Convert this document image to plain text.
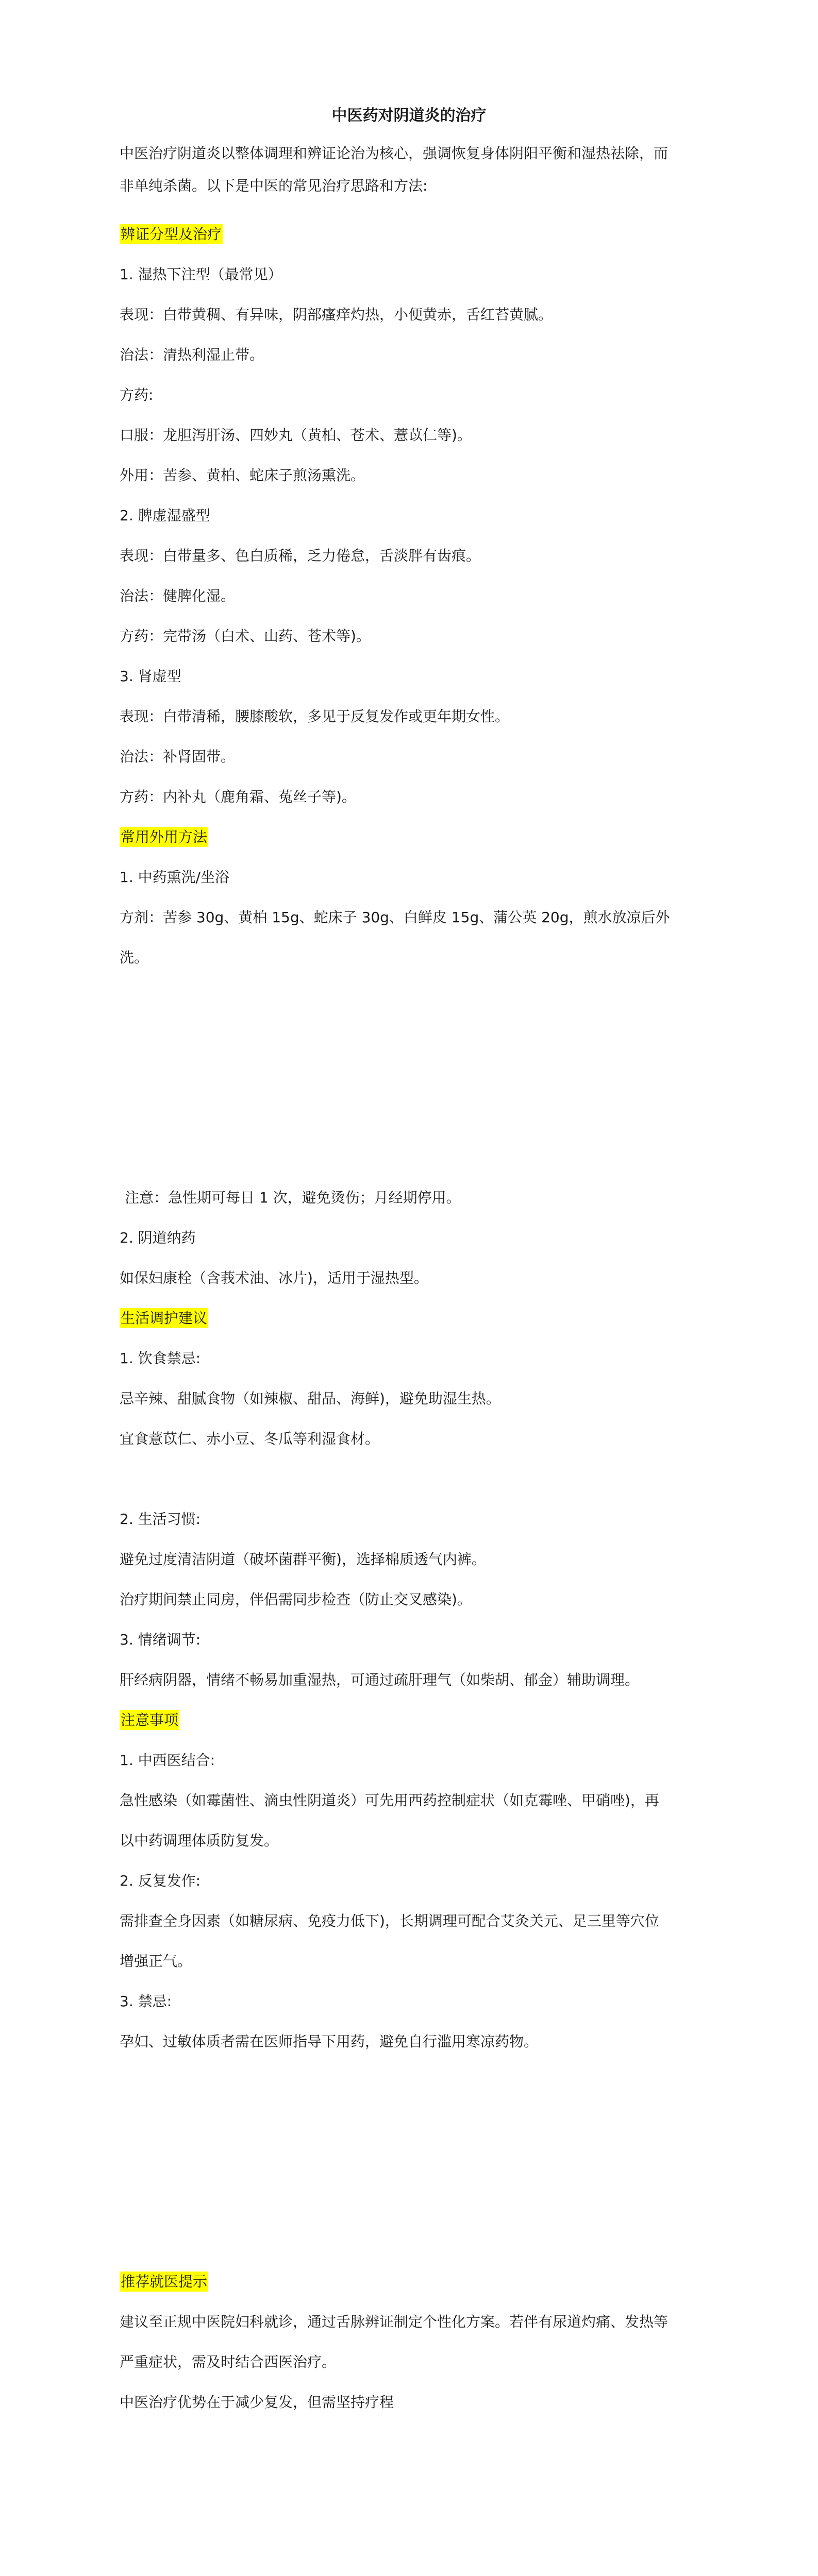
中医药对阴道炎的治疗
中医治疗阴道炎以整体调理和辨证论治为核心，强调恢复身体阴阳平衡和湿热祛除，而
非单纯杀菌。以下是中医的常见治疗思路和方法:
辨证分型及治疗
1. 湿热下注型（最常见）
表现：白带黄稠、有异味，阴部瘙痒灼热，小便黄赤，舌红苔黄腻。
治法：清热利湿止带。
方药:
口服：龙胆泻肝汤、四妙丸（黄柏、苍术、薏苡仁等)。
外用：苦参、黄柏、蛇床子煎汤熏洗。
2. 脾虚湿盛型
表现：白带量多、色白质稀，乏力倦怠，舌淡胖有齿痕。
治法：健脾化湿。
方药：完带汤（白术、山药、苍术等)。
3. 肾虚型
表现：白带清稀，腰膝酸软，多见于反复发作或更年期女性。
治法：补肾固带。
方药：内补丸（鹿角霜、菟丝子等)。
常用外用方法
1. 中药熏洗/坐浴
方剂：苦参 30g、黄柏 15g、蛇床子 30g、白鲜皮 15g、蒲公英 20g，煎水放凉后外
洗。
注意：急性期可每日 1 次，避免烫伤；月经期停用。
2. 阴道纳药
如保妇康栓（含莪术油、冰片)，适用于湿热型。
生活调护建议
1. 饮食禁忌:
忌辛辣、甜腻食物（如辣椒、甜品、海鲜)，避免助湿生热。
宜食薏苡仁、赤小豆、冬瓜等利湿食材。
2. 生活习惯:
避免过度清洁阴道（破坏菌群平衡)，选择棉质透气内裤。
治疗期间禁止同房，伴侣需同步检查（防止交叉感染)。
3. 情绪调节:
肝经病阴器，情绪不畅易加重湿热，可通过疏肝理气（如柴胡、郁金）辅助调理。
注意事项
1. 中西医结合:
急性感染（如霉菌性、滴虫性阴道炎）可先用西药控制症状（如克霉唑、甲硝唑)，再
以中药调理体质防复发。
2. 反复发作:
需排查全身因素（如糖尿病、免疫力低下)，长期调理可配合艾灸关元、足三里等穴位
增强正气。
3. 禁忌:
孕妇、过敏体质者需在医师指导下用药，避免自行滥用寒凉药物。
推荐就医提示
建议至正规中医院妇科就诊，通过舌脉辨证制定个性化方案。若伴有尿道灼痛、发热等
严重症状，需及时结合西医治疗。
中医治疗优势在于减少复发，但需坚持疗程
